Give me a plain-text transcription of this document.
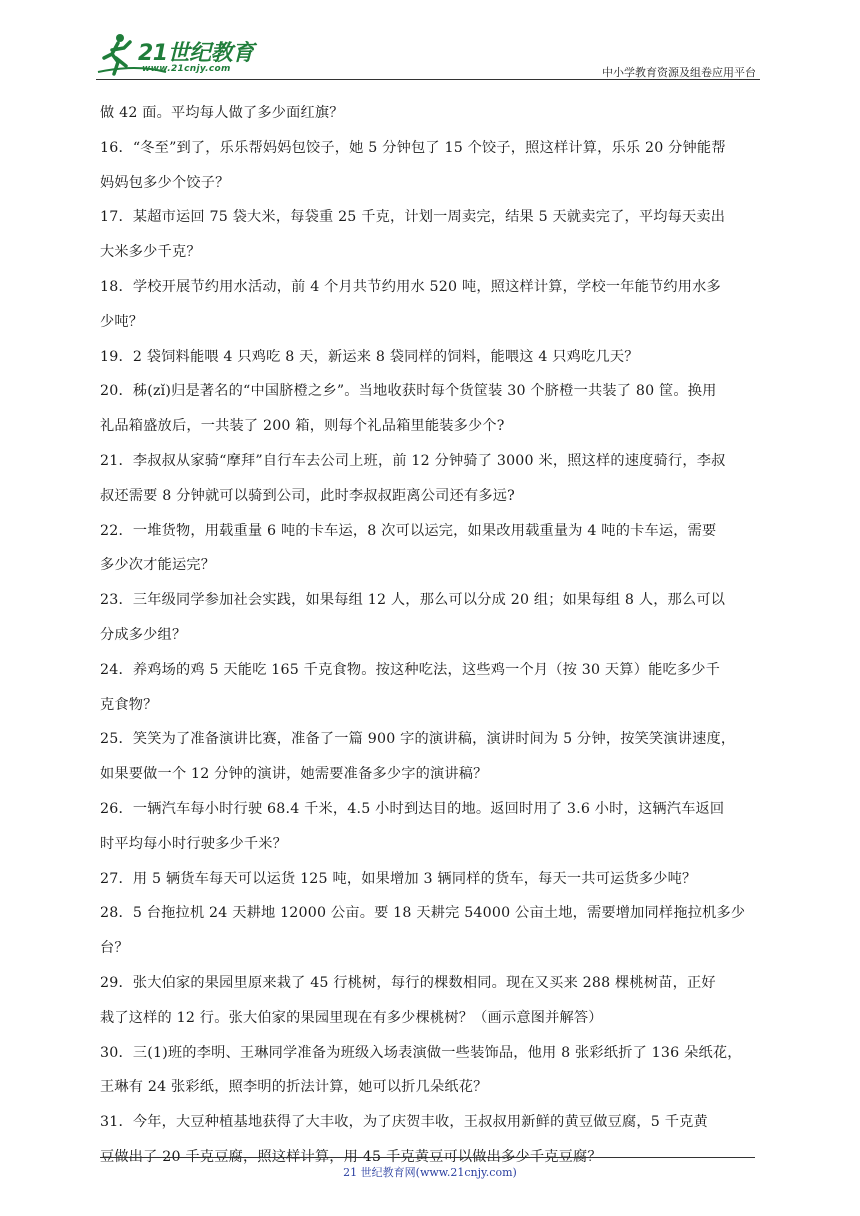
21世纪教育
www.21cnjy.com	中小学教育资源及组卷应用平台
做 42 面。平均每人做了多少面红旗？
16．“冬至”到了，乐乐帮妈妈包饺子，她 5 分钟包了 15 个饺子，照这样计算，乐乐 20 分钟能帮
妈妈包多少个饺子？
17．某超市运回 75 袋大米，每袋重 25 千克，计划一周卖完，结果 5 天就卖完了，平均每天卖出
大米多少千克？
18．学校开展节约用水活动，前 4 个月共节约用水 520 吨，照这样计算，学校一年能节约用水多
少吨？
19．2 袋饲料能喂 4 只鸡吃 8 天，新运来 8 袋同样的饲料，能喂这 4 只鸡吃几天？
20．秭(zǐ)归是著名的“中国脐橙之乡”。当地收获时每个货筐装 30 个脐橙一共装了 80 筐。换用
礼品箱盛放后，一共装了 200 箱，则每个礼品箱里能装多少个?
21．李叔叔从家骑“摩拜”自行车去公司上班，前 12 分钟骑了 3000 米，照这样的速度骑行，李叔
叔还需要 8 分钟就可以骑到公司，此时李叔叔距离公司还有多远?
22．一堆货物，用载重量 6 吨的卡车运，8 次可以运完，如果改用载重量为 4 吨的卡车运，需要
多少次才能运完？
23．三年级同学参加社会实践，如果每组 12 人，那么可以分成 20 组；如果每组 8 人，那么可以
分成多少组？
24．养鸡场的鸡 5 天能吃 165 千克食物。按这种吃法，这些鸡一个月（按 30 天算）能吃多少千
克食物？
25．笑笑为了准备演讲比赛，准备了一篇 900 字的演讲稿，演讲时间为 5 分钟，按笑笑演讲速度，
如果要做一个 12 分钟的演讲，她需要准备多少字的演讲稿？
26．一辆汽车每小时行驶 68.4 千米，4.5 小时到达目的地。返回时用了 3.6 小时，这辆汽车返回
时平均每小时行驶多少千米？
27．用 5 辆货车每天可以运货 125 吨，如果增加 3 辆同样的货车，每天一共可运货多少吨？
28．5 台拖拉机 24 天耕地 12000 公亩。要 18 天耕完 54000 公亩土地，需要增加同样拖拉机多少
台？
29．张大伯家的果园里原来栽了 45 行桃树，每行的棵数相同。现在又买来 288 棵桃树苗，正好
栽了这样的 12 行。张大伯家的果园里现在有多少棵桃树？（画示意图并解答）
30．三(1)班的李明、王琳同学准备为班级入场表演做一些装饰品，他用 8 张彩纸折了 136 朵纸花，
王琳有 24 张彩纸，照李明的折法计算，她可以折几朵纸花？
31．今年，大豆种植基地获得了大丰收，为了庆贺丰收，王叔叔用新鲜的黄豆做豆腐，5 千克黄
豆做出了 20 千克豆腐，照这样计算，用 45 千克黄豆可以做出多少千克豆腐？
21 世纪教育网(www.21cnjy.com)
